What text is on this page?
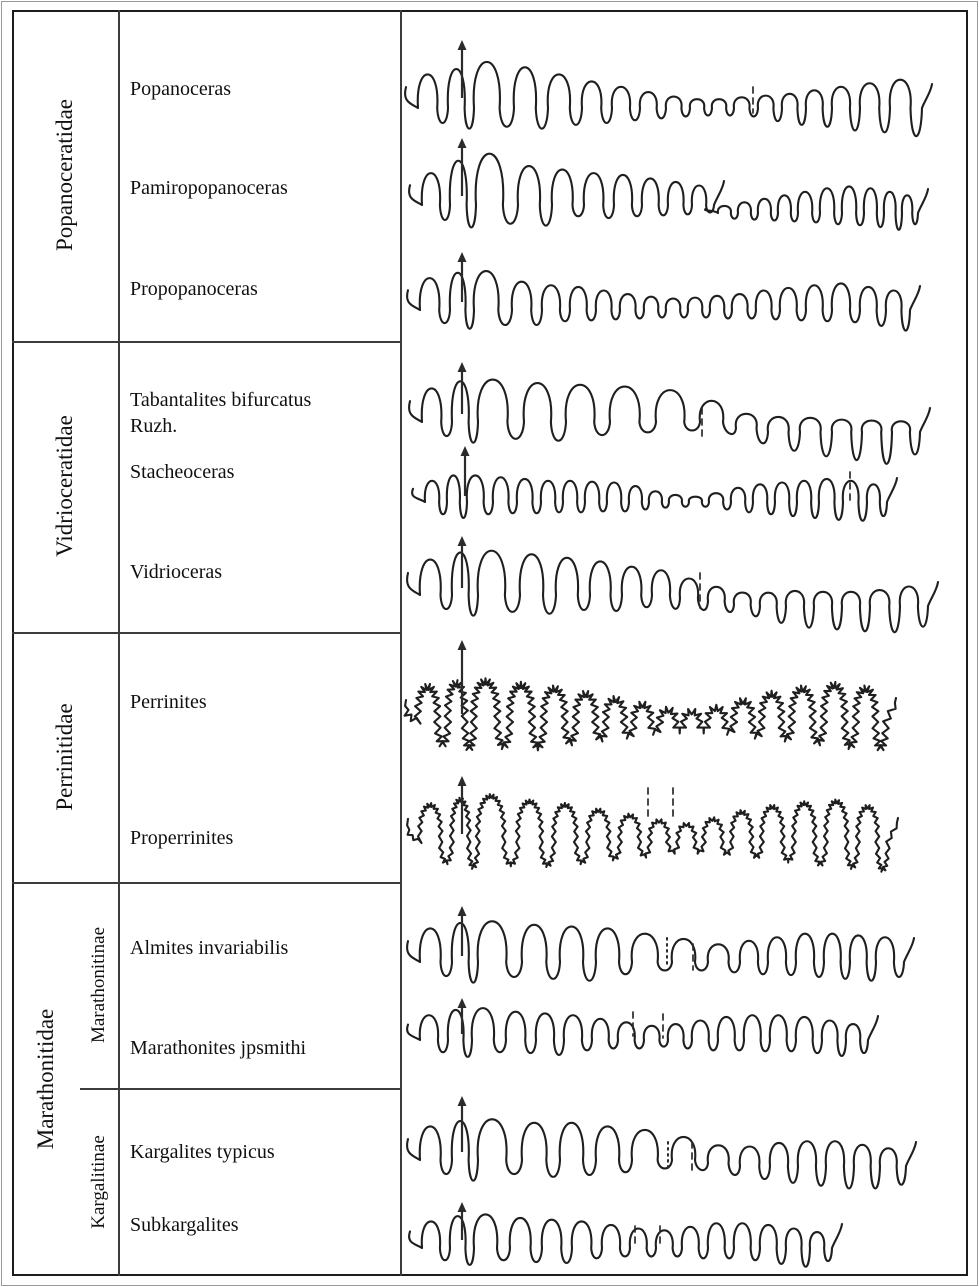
Popanoceratidae
Vidrioceratidae
Perrinitidae
Marathonitidae
Marathonitinae
Kargalitinae
Popanoceras
Pamiropopanoceras
Propopanoceras
Tabantalites bifurcatus
Ruzh.
Stacheoceras
Vidrioceras
Perrinites
Properrinites
Almites invariabilis
Marathonites jpsmithi
Kargalites typicus
Subkargalites
